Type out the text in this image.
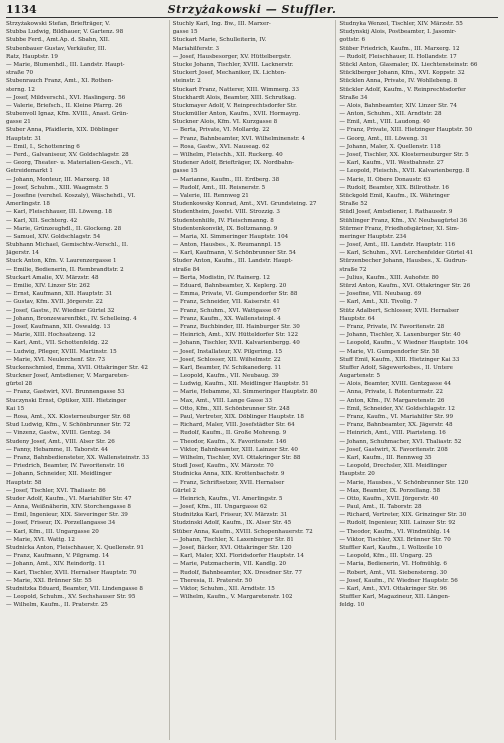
1134	Strzyżakowski — Stuffler.
Strzyżakowski Stefan, Briefträger, V.
Stubba Ludwig, Bildhauer, V. Gartenz. 98
Stubbe Ferd., Amt.Ap. d. Sbahn, XII.
Stubenbauer Gustav, Verkäufer, III.
Ratz, Hauptstr. 19
— Marie, Blumenhdl., III. Landstr. Haupt-
straße 70
Stubenrauch Franz, Amt., XI. Rothen-
sterng. 12
— Josef, Mildverschl., XVI. Haslingerg. 56
— Valerie, Briefsch., II. Kleine Pfarrg. 26
Stubenvoll Ignaz, Kfm. XVIII., Anast. Grün-
gasse 21
Stuber Anna, Pfaidlerin, XIX. Döblinger
Hauptstr. 31
— Emil, I., Schottenring 6
— Ferd., Galvaniseur, XV. Goldschlagstr. 28
— Georg, Theater- u. Materialien-Gesch., VI.
Getreidemarkt 1
— Johann, Monteur, III. Marxerg. 18
— Josef, Schuhm., XIII. Waagmstr. 5
— Josefine (verehel. Koszaly), Wäschehdl., VI.
Amerlingstr. 18
— Karl, Fleischhauer, III. Löweng. 18
— Karl, XII. Sechterg. 42
— Marie, Grünzeughdl., II. Glockeng. 28
— Samuel, XIV. Goldschlagstr. 54
Stubhann Michael, Gemischtw.-Verschl., II.
Jägerstr. 14
Stuck Anton, Kfm. V. Laurenzergasse 1
— Emilie, Bedienerin, II. Rembrandtstr. 2
Stuckart Amalie, XV. Märzstr. 48
— Emilie, XIV. Linzer Str. 262
— Ernst, Kaufmann, XII. Hauptstr. 31
— Gustav, Kfm. XVII. Jörgerstr. 22
— Josef, Gastw., IV. Wiedner Gürtel 32
— Johann, Bronzewarenfbkt., IV. Schelleing. 4
— Josef, Kaufmann, XII. Oswaldg. 13
— Marie, XIII. Hochsatzeng. 12
— Karl, Amt., VII. Schottenfeldg. 22
— Ludwig, Pfleger, XVIII. Martinstr. 15
— Marie, XVI. Neulerchenf. Str. 73
Stuckenschmied, Emma, XVII. Ottakringer Str. 42
Stuckner Josef, Amtsdiener, V. Margareten-
gürtel 28
— Franz, Gastwirt, XVI. Brunnengasse 53
Stuczynski Ernst, Optiker, XIII. Hietzinger
Kai 15
— Rosa, Amt., XX. Klosterneuburger Str. 68
Stud Ludwig, Kfm., V. Schönbrunner Str. 72
— Vinzenz, Gastw., XVIII. Gentzg. 34
Studeny Josef, Amt., VIII. Alser Str. 26
— Fanny, Hebamme, II. Taborstr. 44
— Franz, Bahnbediensteter, XX. Wallensteinstr. 33
— Friedrich, Beamter, IV. Favoritenstr. 16
— Johann, Schneider, XII. Meidlinger
Hauptstr. 58
— Josef, Tischler, XVI. Thaliastr. 86
Studer Adolf, Kaufm., VI. Mariahilfer Str. 47
— Anna, Weißnäherin, XIV. Storchengasse 8
— Emil, Ingenieur, XIX. Sieveringer Str. 39
— Josef, Friseur, IX. Porzellangasse 34
— Karl, Kfm., III. Ungargasse 20
— Marie, XVI. Wattg. 12
Studnicka Anton, Fleischhauer, X. Quellenstr. 91
— Franz, Kaufmann, V. Pilgramg. 14
— Johann, Amt., XIV. Reindorfg. 11
— Karl, Tischler, XVII. Hernalser Hauptstr. 70
— Marie, XXI. Brünner Str. 55
Studnitzka Eduard, Beamter, VII. Lindengasse 8
— Leopold, Schuhm., XV. Sechshauser Str. 95
— Wilhelm, Kaufm., II. Praterstr. 25
Stuchly Karl, Ing. Bw., III. Marxer-
gasse 15
Stuckart Marie, Schulleiterin, IV.
Mariahilferstr. 3
— Josef, Hausbesorger, XV. Hüttelbergstr.
Stucke Johann, Tischler, XVIII. Lacknerstr.
Stuckert Josef, Mechaniker, IX. Lichten-
steinstr. 2
Stuckart Franz, Natterer, XIII. Wimmerg. 33
Stuckhardt Alois, Beamter, XIII. Schrutkag.
Stuckmayer Adolf, V. Reinprechtsdorfer Str.
Stuckmüller Anton, Kaufm., XVII. Hormayrg.
Stuckner Alois, Kfm. VI. Kurzgasse 8
— Berta, Private, VI. Mollardg. 22
— Franz, Bahnbeamter, XVI. Wilhelminenstr. 4
— Rosa, Gastw., XVI. Nauseag. 62
— Wilhelm, Fleischh., XII. Ruckerg. 40
Studener Adolf, Briefträger, IX. Nordbahn-
gasse 15
— Marianne, Kaufm., III. Erdberg. 38
— Rudolf, Amt., III. Reisnerstr. 5
— Valerie, III. Rennweg 21
Studenkowsky Konrad, Amt., XVI. Grundsteing. 27
Studentheim, Josefst. VIII. Strozzig. 3
Studentenhilfe, IV. Fleischmanng. 8
Studentenkonvikt, IX. Boltzmanng. 9
— Maria, XI. Simmeringer Hauptstr. 104
— Anton, Hausbes., X. Reumannpl. 15
— Karl, Kaufmann, V. Schönbrunner Str. 54
Studer Anton, Kaufm., III. Landstr. Haupt-
straße 84
— Berta, Modistin, IV. Rainerg. 12
— Eduard, Bahnbeamter, X. Keplerg. 20
— Emma, Private, VI. Gumpendorfer Str. 88
— Franz, Schneider, VII. Kaiserstr. 41
— Franz, Schuhm., XVI. Wattgasse 67
— Franz, Kaufm., XX. Wallensteinpl. 4
— Franz, Buchbinder, III. Hainburger Str. 30
— Heinrich, Amt., XIV. Hütteldorfer Str. 122
— Johann, Tischler, XVII. Kalvarienbergg. 40
— Josef, Installateur, XV. Pilgerimg. 15
— Josef, Schlosser, XII. Wilhelmstr. 22
— Karl, Beamter, IV. Schikanederg. 11
— Leopold, Kaufm., VII. Neubaug. 39
— Ludwig, Kaufm., XII. Meidlinger Hauptstr. 51
— Marie, Hebamme, XI. Simmeringer Hauptstr. 80
— Max, Amt., VIII. Lange Gasse 33
— Otto, Kfm., XII. Schönbrunner Str. 248
— Paul, Vertreter, XIX. Döblinger Hauptstr. 18
— Richard, Maler, VIII. Josefstädter Str. 64
— Rudolf, Kaufm., II. Große Mohreng. 9
— Theodor, Kaufm., X. Favoritenstr. 146
— Viktor, Bahnbeamter, XIII. Lainzer Str. 40
— Wilhelm, Tischler, XVI. Ottakringer Str. 88
Studl Josef, Kaufm., XV. Märzstr. 70
Studnicka Anna, XIX. Krottenbachstr. 9
— Franz, Schriftsetzer, XVII. Hernalser
Gürtel 2
— Heinrich, Kaufm., VI. Amerlingstr. 5
— Josef, Kfm., III. Ungargasse 62
Studnitzka Karl, Friseur, XV. Märzstr. 31
Studzinski Adolf, Kaufm., IX. Alser Str. 45
Stüber Anna, Kaufm., XVIII. Schopenhauerstr. 72
— Johann, Tischler, X. Laxenburger Str. 81
— Josef, Bäcker, XVI. Ottakringer Str. 120
— Karl, Maler, XXI. Floridsdorfer Hauptstr. 14
— Marie, Putzmacherin, VII. Kandlg. 20
— Rudolf, Bahnbeamter, XX. Dresdner Str. 77
— Theresia, II. Praterstr. 50
— Viktor, Schuhm., XII. Arndtstr. 15
— Wilhelm, Kaufm., V. Margaretenstr. 102
Studnyka Wenzel, Tischler, XIV. Märzstr. 55
Studynskij Alois, Postbeamter, I. Jasomir-
gottstr. 6
Stüber Friedrich, Kaufm., III. Marxerg. 12
— Rudolf, Fleischhauer, II. Hollandstr. 17
Stückl Anton, Glasmaler, IX. Liechtensteinstr. 66
Stücklberger Johann, Kfm., XVI. Koppstr. 32
Stücklen Anna, Private, IV. Wohllebeng. 8
Stückler Adolf, Kaufm., V. Reinprechtsdorfer
Straße 34
— Alois, Bahnbeamter, XIV. Linzer Str. 74
— Anton, Schuhm., XII. Arndtstr. 28
— Emil, Amt., VIII. Laudong. 40
— Franz, Private, XIII. Hietzinger Hauptstr. 50
— Georg, Amt., III. Löweng. 31
— Johann, Maler, X. Quellenstr. 118
— Josef, Tischler, XX. Klosterneuburger Str. 5
— Karl, Kaufm., VII. Westbahnstr. 27
— Leopold, Fleischh., XVII. Kalvarienbergg. 8
— Marie, II. Obere Donaustr. 63
— Rudolf, Beamter, XIX. Billrothstr. 16
Stückgold Emil, Kaufm., IX. Währinger
Straße 52
Stüdl Josef, Amtsdiener, I. Rathausstr. 9
Stühlinger Franz, Kfm., XV. Neubaugürtel 36
Stürmer Franz, Friedhofsgärtner, XI. Sim-
meringer Hauptstr. 234
— Josef, Amt., III. Landstr. Hauptstr. 116
— Karl, Schuhm., XVI. Lerchenfelder Gürtel 41
Stürzenbecher Johann, Hausbes., X. Gudrun-
straße 72
— Julius, Kaufm., XIII. Auhofstr. 80
Stürzl Anton, Kaufm., XVI. Ottakringer Str. 26
— Josefine, VII. Neubaug. 69
— Karl, Amt., XII. Tivolig. 7
Stütz Adalbert, Schlosser, XVII. Hernalser
Hauptstr. 64
— Franz, Private, IV. Favoritenstr. 28
— Johann, Tischler, X. Laxenburger Str. 40
— Leopold, Kaufm., V. Wiedner Hauptstr. 104
— Marie, VI. Gumpendorfer Str. 58
Stuff Emil, Kaufm., XIII. Hietzinger Kai 33
Stuffer Adolf, Sägewerksbes., II. Untere
Augartenstr. 5
— Alois, Beamter, XVIII. Gentzgasse 44
— Anna, Private, I. Rotenturmstr. 22
— Anton, Kfm., IV. Margaretenstr. 26
— Emil, Schneider, XV. Goldschlagstr. 12
— Franz, Kaufm., VI. Mariahilfer Str. 99
— Franz, Bahnbeamter, XX. Jägerstr. 48
— Heinrich, Amt., VIII. Piaristeng. 16
— Johann, Schuhmacher, XVI. Thaliastr. 52
— Josef, Gastwirt, X. Favoritenstr. 208
— Karl, Kaufm., III. Rennweg 35
— Leopold, Drechsler, XII. Meidlinger
Hauptstr. 20
— Marie, Hausbes., V. Schönbrunner Str. 120
— Max, Beamter, IX. Porzellang. 58
— Otto, Kaufm., XVII. Jörgerstr. 40
— Paul, Amt., II. Taborstr. 28
— Richard, Vertreter, XIX. Grinzinger Str. 30
— Rudolf, Ingenieur, XIII. Lainzer Str. 92
— Theodor, Kaufm., VI. Windmühlg. 14
— Viktor, Tischler, XXI. Brünner Str. 70
Stuffler Karl, Kaufm., I. Wollzeile 10
— Leopold, Kfm., III. Ungarg. 25
— Maria, Bedienerin, VI. Hofmühlg. 6
— Robert, Amt., VII. Siebensterng. 30
— Josef, Kaufm., IV. Wiedner Hauptstr. 56
— Karl, Amt., XVI. Ottakringer Str. 96
Stuffler Karl, Magazineur, XII. Längen-
feldg. 10
